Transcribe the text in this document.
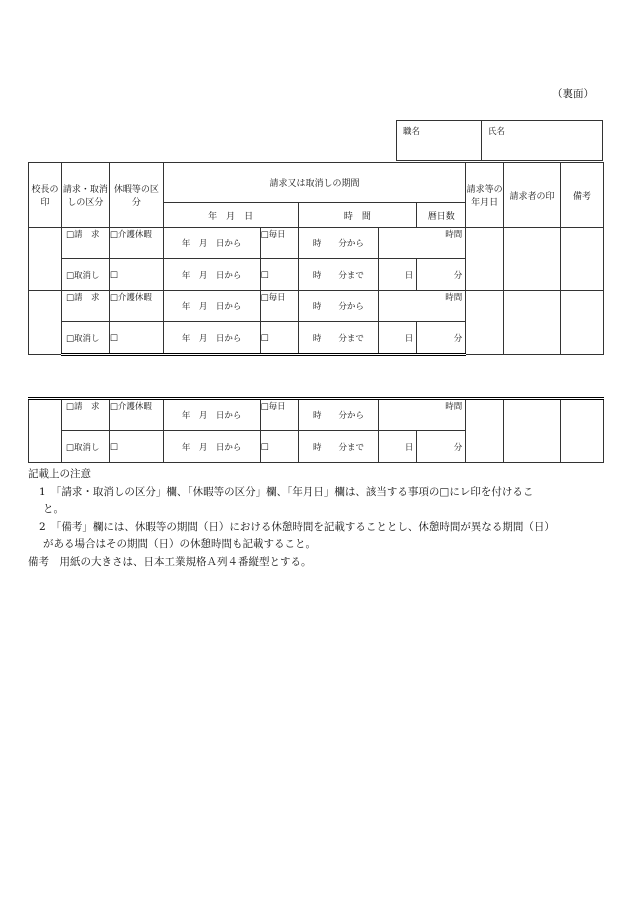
（裏面）
職名	氏名
校長の印	請求・取消しの区分	休暇等の区分	請求又は取消しの期間					請求等の年月日	請求者の印	備考
			年　月　日		時　間		暦日数			
	□請　求	□介護休暇	年　月　日から	□毎日	時　　分から	時間				
	□取消し	□	年　月　日から	□	時　　分まで	日	分			
	□請　求	□介護休暇	年　月　日から	□毎日	時　　分から	時間				
	□取消し	□	年　月　日から	□	時　　分まで	日	分			
	□請　求	□介護休暇	年　月　日から	□毎日	時　　分から	時間				
	□取消し	□	年　月　日から	□	時　　分まで	日	分			
記載上の注意
1　「請求・取消しの区分」欄、「休暇等の区分」欄、「年月日」欄は、該当する事項の□にレ印を付けるこ
と。
2　「備考」欄には、休暇等の期間（日）における休憩時間を記載することとし、休憩時間が異なる期間（日）
がある場合はその期間（日）の休憩時間も記載すること。
備考　用紙の大きさは、日本工業規格Ａ列４番縦型とする。
